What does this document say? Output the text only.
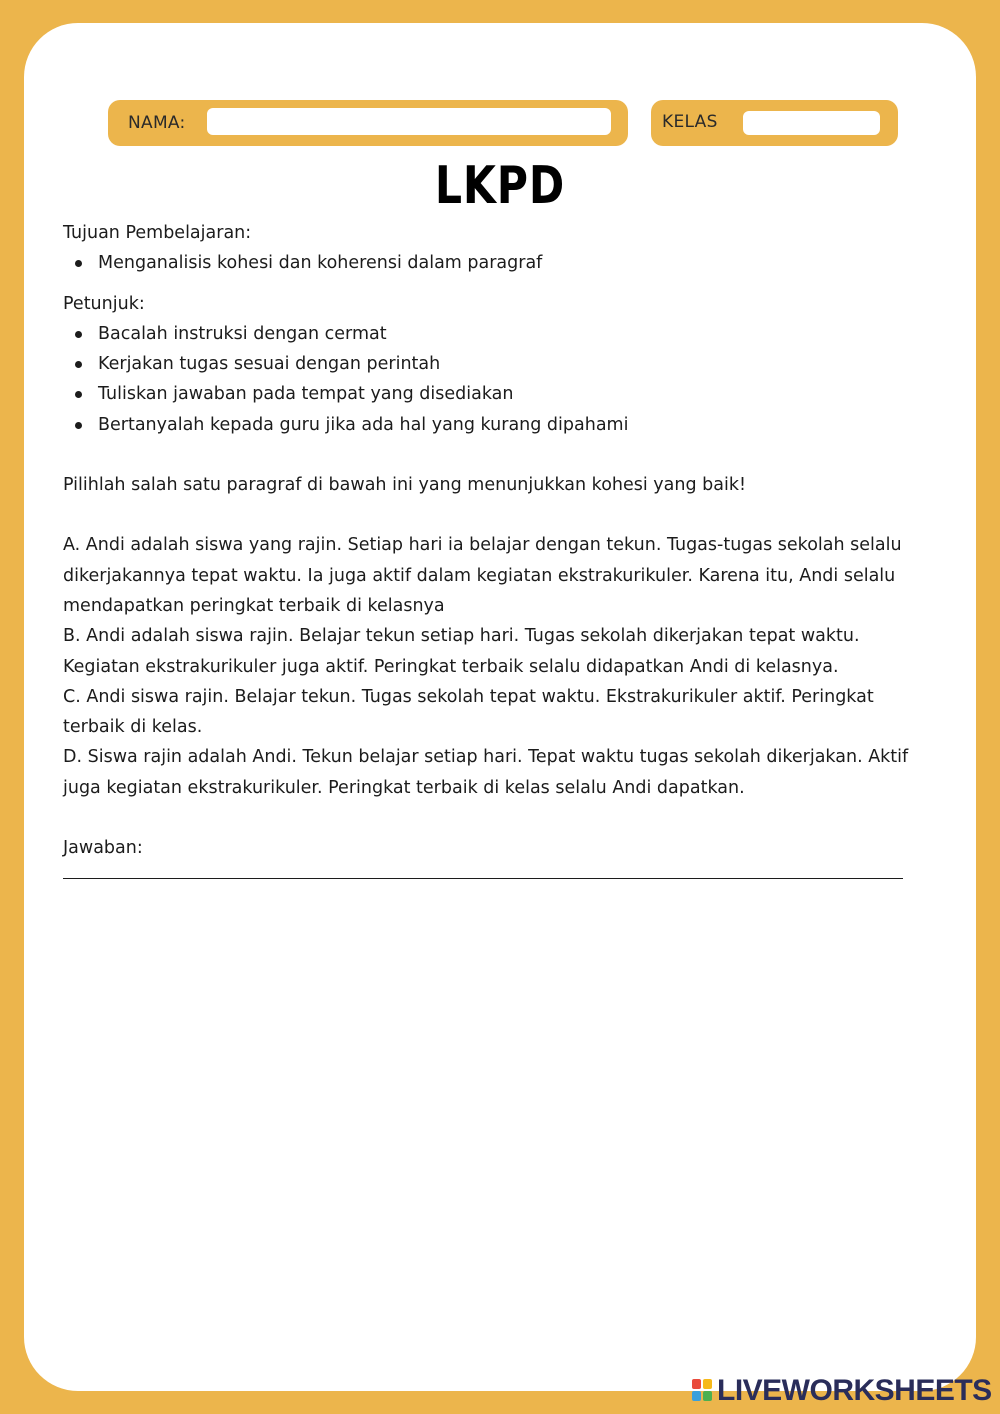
NAMA:	KELAS
LKPD

Tujuan Pembelajaran:

Menganalisis kohesi dan koherensi dalam paragraf

Petunjuk:

Bacalah instruksi dengan cermat
Kerjakan tugas sesuai dengan perintah
Tuliskan jawaban pada tempat yang disediakan
Bertanyalah kepada guru jika ada hal yang kurang dipahami

Pilihlah salah satu paragraf di bawah ini yang menunjukkan kohesi yang baik!

A. Andi adalah siswa yang rajin. Setiap hari ia belajar dengan tekun. Tugas-tugas sekolah selalu dikerjakannya tepat waktu. Ia juga aktif dalam kegiatan ekstrakurikuler. Karena itu, Andi selalu mendapatkan peringkat terbaik di kelasnya

B. Andi adalah siswa rajin. Belajar tekun setiap hari. Tugas sekolah dikerjakan tepat waktu. Kegiatan ekstrakurikuler juga aktif. Peringkat terbaik selalu didapatkan Andi di kelasnya.

C. Andi siswa rajin. Belajar tekun. Tugas sekolah tepat waktu. Ekstrakurikuler aktif. Peringkat terbaik di kelas.

D. Siswa rajin adalah Andi. Tekun belajar setiap hari. Tepat waktu tugas sekolah dikerjakan. Aktif juga kegiatan ekstrakurikuler. Peringkat terbaik di kelas selalu Andi dapatkan.

Jawaban:

LIVEWORKSHEETS
